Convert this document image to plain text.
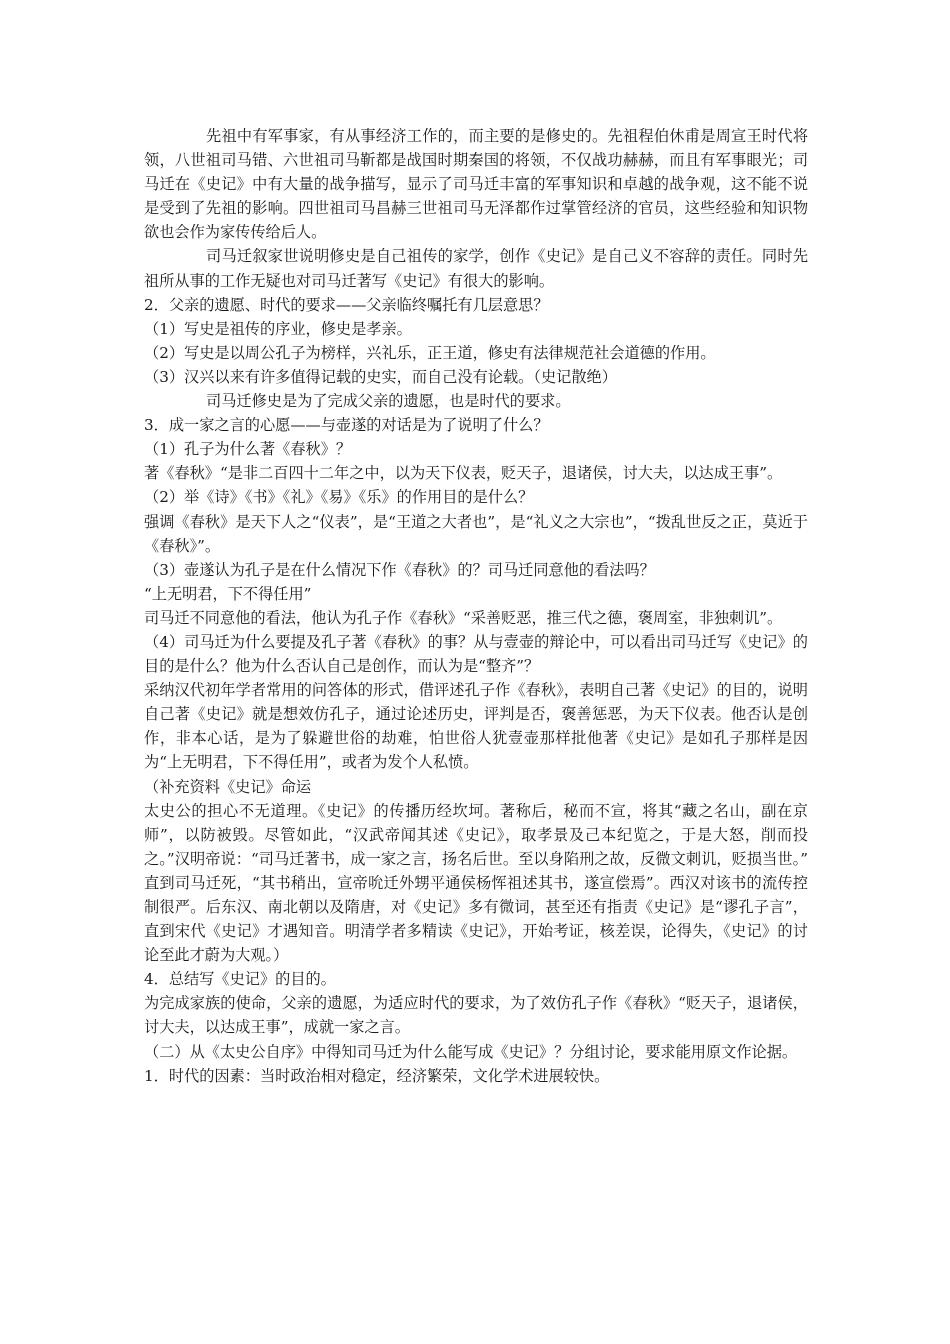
先祖中有军事家，有从事经济工作的，而主要的是修史的。先祖程伯休甫是周宣王时代将领，八世祖司马错、六世祖司马靳都是战国时期秦国的将领，不仅战功赫赫，而且有军事眼光；司马迁在《史记》中有大量的战争描写，显示了司马迁丰富的军事知识和卓越的战争观，这不能不说是受到了先祖的影响。四世祖司马昌赫三世祖司马无泽都作过掌管经济的官员，这些经验和知识物欲也会作为家传传给后人。

司马迁叙家世说明修史是自己祖传的家学，创作《史记》是自己义不容辞的责任。同时先祖所从事的工作无疑也对司马迁著写《史记》有很大的影响。

2．父亲的遗愿、时代的要求——父亲临终嘱托有几层意思？

（1）写史是祖传的序业，修史是孝亲。

（2）写史是以周公孔子为榜样，兴礼乐，正王道，修史有法律规范社会道德的作用。

（3）汉兴以来有许多值得记载的史实，而自己没有论载。（史记散绝）

司马迁修史是为了完成父亲的遗愿，也是时代的要求。

3．成一家之言的心愿——与壶遂的对话是为了说明了什么？

（1）孔子为什么著《春秋》？

著《春秋》“是非二百四十二年之中，以为天下仪表，贬天子，退诸侯，讨大夫，以达成王事”。

（2）举《诗》《书》《礼》《易》《乐》的作用目的是什么？

强调《春秋》是天下人之“仪表”，是“王道之大者也”，是“礼义之大宗也”，“拨乱世反之正，莫近于《春秋》”。

（3）壶遂认为孔子是在什么情况下作《春秋》的？司马迁同意他的看法吗？

“上无明君，下不得任用”

司马迁不同意他的看法，他认为孔子作《春秋》“采善贬恶，推三代之德，褒周室，非独刺讥”。

（4）司马迁为什么要提及孔子著《春秋》的事？从与壹壶的辩论中，可以看出司马迁写《史记》的目的是什么？他为什么否认自己是创作，而认为是“整齐”？

采纳汉代初年学者常用的问答体的形式，借评述孔子作《春秋》，表明自己著《史记》的目的，说明自己著《史记》就是想效仿孔子，通过论述历史，评判是否，褒善惩恶，为天下仪表。他否认是创作，非本心话，是为了躲避世俗的劫难，怕世俗人犹壹壶那样批他著《史记》是如孔子那样是因为“上无明君，下不得任用”，或者为发个人私愤。

（补充资料《史记》命运

太史公的担心不无道理。《史记》的传播历经坎坷。著称后，秘而不宣，将其“藏之名山，副在京师”，以防被毁。尽管如此，“汉武帝闻其述《史记》，取孝景及己本纪览之，于是大怒，削而投之。”汉明帝说：“司马迁著书，成一家之言，扬名后世。至以身陷刑之故，反微文刺讥，贬损当世。” 直到司马迁死，“其书稍出，宣帝吮迁外甥平通侯杨恽祖述其书，遂宣偿焉”。西汉对该书的流传控制很严。后东汉、南北朝以及隋唐，对《史记》多有微词，甚至还有指责《史记》是“谬孔子言”，直到宋代《史记》才遇知音。明清学者多精读《史记》，开始考证，核差误，论得失，《史记》的讨论至此才蔚为大观。）

4．总结写《史记》的目的。

为完成家族的使命，父亲的遗愿，为适应时代的要求，为了效仿孔子作《春秋》“贬天子，退诸侯，讨大夫，以达成王事”，成就一家之言。

（二）从《太史公自序》中得知司马迁为什么能写成《史记》？分组讨论，要求能用原文作论据。

1．时代的因素：当时政治相对稳定，经济繁荣，文化学术进展较快。
